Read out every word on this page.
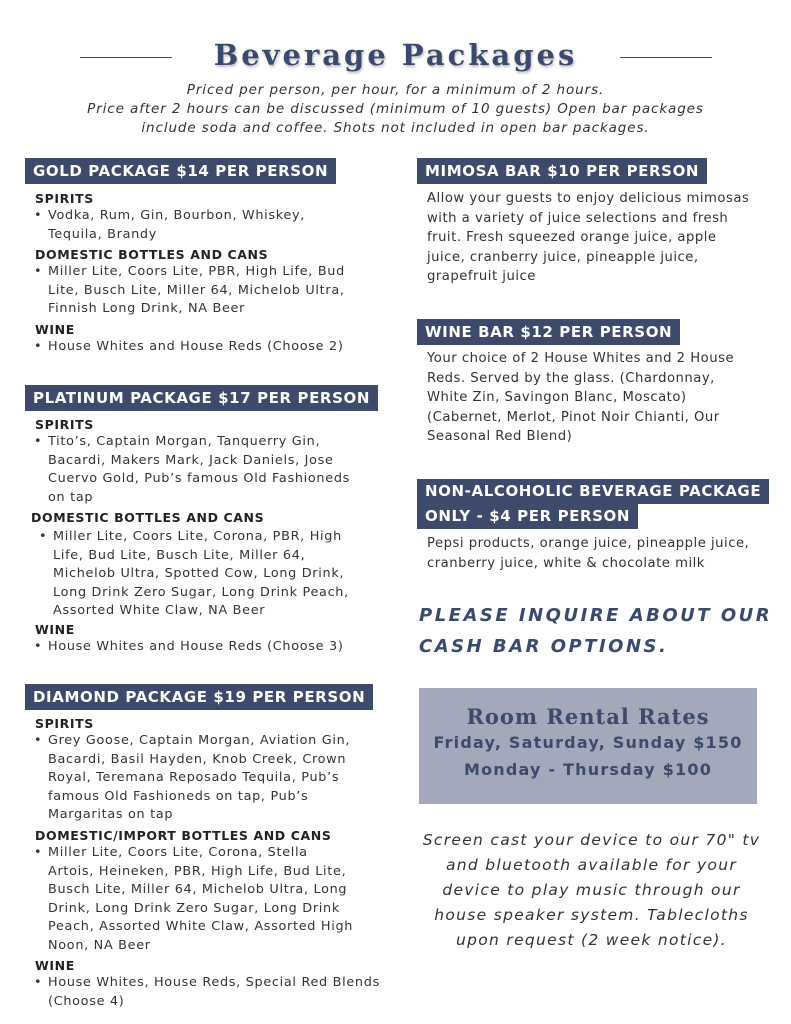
Beverage Packages
Priced per person, per hour, for a minimum of 2 hours.
Price after 2 hours can be discussed (minimum of 10 guests) Open bar packages
include soda and coffee. Shots not included in open bar packages.
GOLD PACKAGE $14 PER PERSON
SPIRITS
• Vodka, Rum, Gin, Bourbon, Whiskey,
Tequila, Brandy
DOMESTIC BOTTLES AND CANS
• Miller Lite, Coors Lite, PBR, High Life, Bud
Lite, Busch Lite, Miller 64, Michelob Ultra,
Finnish Long Drink, NA Beer
WINE
• House Whites and House Reds (Choose 2)
PLATINUM PACKAGE $17 PER PERSON
SPIRITS
• Tito’s, Captain Morgan, Tanquerry Gin,
Bacardi, Makers Mark, Jack Daniels, Jose
Cuervo Gold, Pub’s famous Old Fashioneds
on tap
DOMESTIC BOTTLES AND CANS
• Miller Lite, Coors Lite, Corona, PBR, High
Life, Bud Lite, Busch Lite, Miller 64,
Michelob Ultra, Spotted Cow, Long Drink,
Long Drink Zero Sugar, Long Drink Peach,
Assorted White Claw, NA Beer
WINE
• House Whites and House Reds (Choose 3)
DIAMOND PACKAGE $19 PER PERSON
SPIRITS
• Grey Goose, Captain Morgan, Aviation Gin,
Bacardi, Basil Hayden, Knob Creek, Crown
Royal, Teremana Reposado Tequila, Pub’s
famous Old Fashioneds on tap, Pub’s
Margaritas on tap
DOMESTIC/IMPORT BOTTLES AND CANS
• Miller Lite, Coors Lite, Corona, Stella
Artois, Heineken, PBR, High Life, Bud Lite,
Busch Lite, Miller 64, Michelob Ultra, Long
Drink, Long Drink Zero Sugar, Long Drink
Peach, Assorted White Claw, Assorted High
Noon, NA Beer
WINE
• House Whites, House Reds, Special Red Blends
(Choose 4)
MIMOSA BAR $10 PER PERSON
Allow your guests to enjoy delicious mimosas
with a variety of juice selections and fresh
fruit. Fresh squeezed orange juice, apple
juice, cranberry juice, pineapple juice,
grapefruit juice
WINE BAR $12 PER PERSON
Your choice of 2 House Whites and 2 House
Reds. Served by the glass. (Chardonnay,
White Zin, Savingon Blanc, Moscato)
(Cabernet, Merlot, Pinot Noir Chianti, Our
Seasonal Red Blend)
NON-ALCOHOLIC BEVERAGE PACKAGE
ONLY - $4 PER PERSON
Pepsi products, orange juice, pineapple juice,
cranberry juice, white & chocolate milk
PLEASE INQUIRE ABOUT OUR
CASH BAR OPTIONS.
Room Rental Rates
Friday, Saturday, Sunday $150
Monday - Thursday $100
Screen cast your device to our 70" tv
and bluetooth available for your
device to play music through our
house speaker system. Tablecloths
upon request (2 week notice).
